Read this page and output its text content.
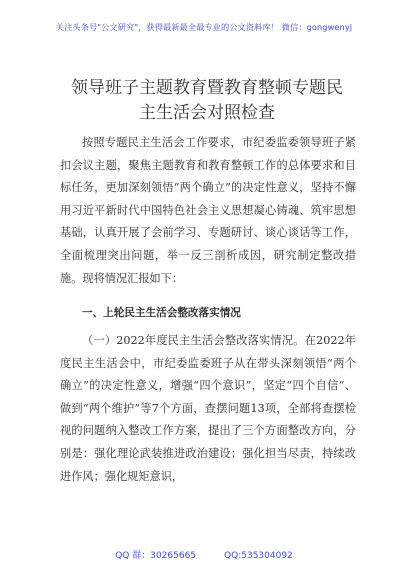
关注头条号"公文研究"，获得最新最全最专业的公文资料库！ 微信：gongwenyj
领导班子主题教育暨教育整顿专题民主生活会对照检查
按照专题民主生活会工作要求，市纪委监委领导班子紧扣会议主题，聚焦主题教育和教育整顿工作的总体要求和目标任务，更加深刻领悟“两个确立”的决定性意义，坚持不懈用习近平新时代中国特色社会主义思想凝心铸魂、筑牢思想基础，认真开展了会前学习、专题研讨、谈心谈话等工作，全面梳理突出问题，举一反三剖析成因，研究制定整改措施。现将情况汇报如下：
一、上轮民主生活会整改落实情况
（一）2022年度民主生活会整改落实情况。在2022年度民主生活会中，市纪委监委班子从在带头深刻领悟“两个确立”的决定性意义，增强“四个意识”，坚定“四个自信”、做到“两个维护”等7个方面，查摆问题13项，全部将查摆检视的问题纳入整改工作方案，提出了三个方面整改方向，分别是：强化理论武装推进政治建设；强化担当尽责，持续改进作风；强化规矩意识，
QQ 群：30265665	QQ:535304092
